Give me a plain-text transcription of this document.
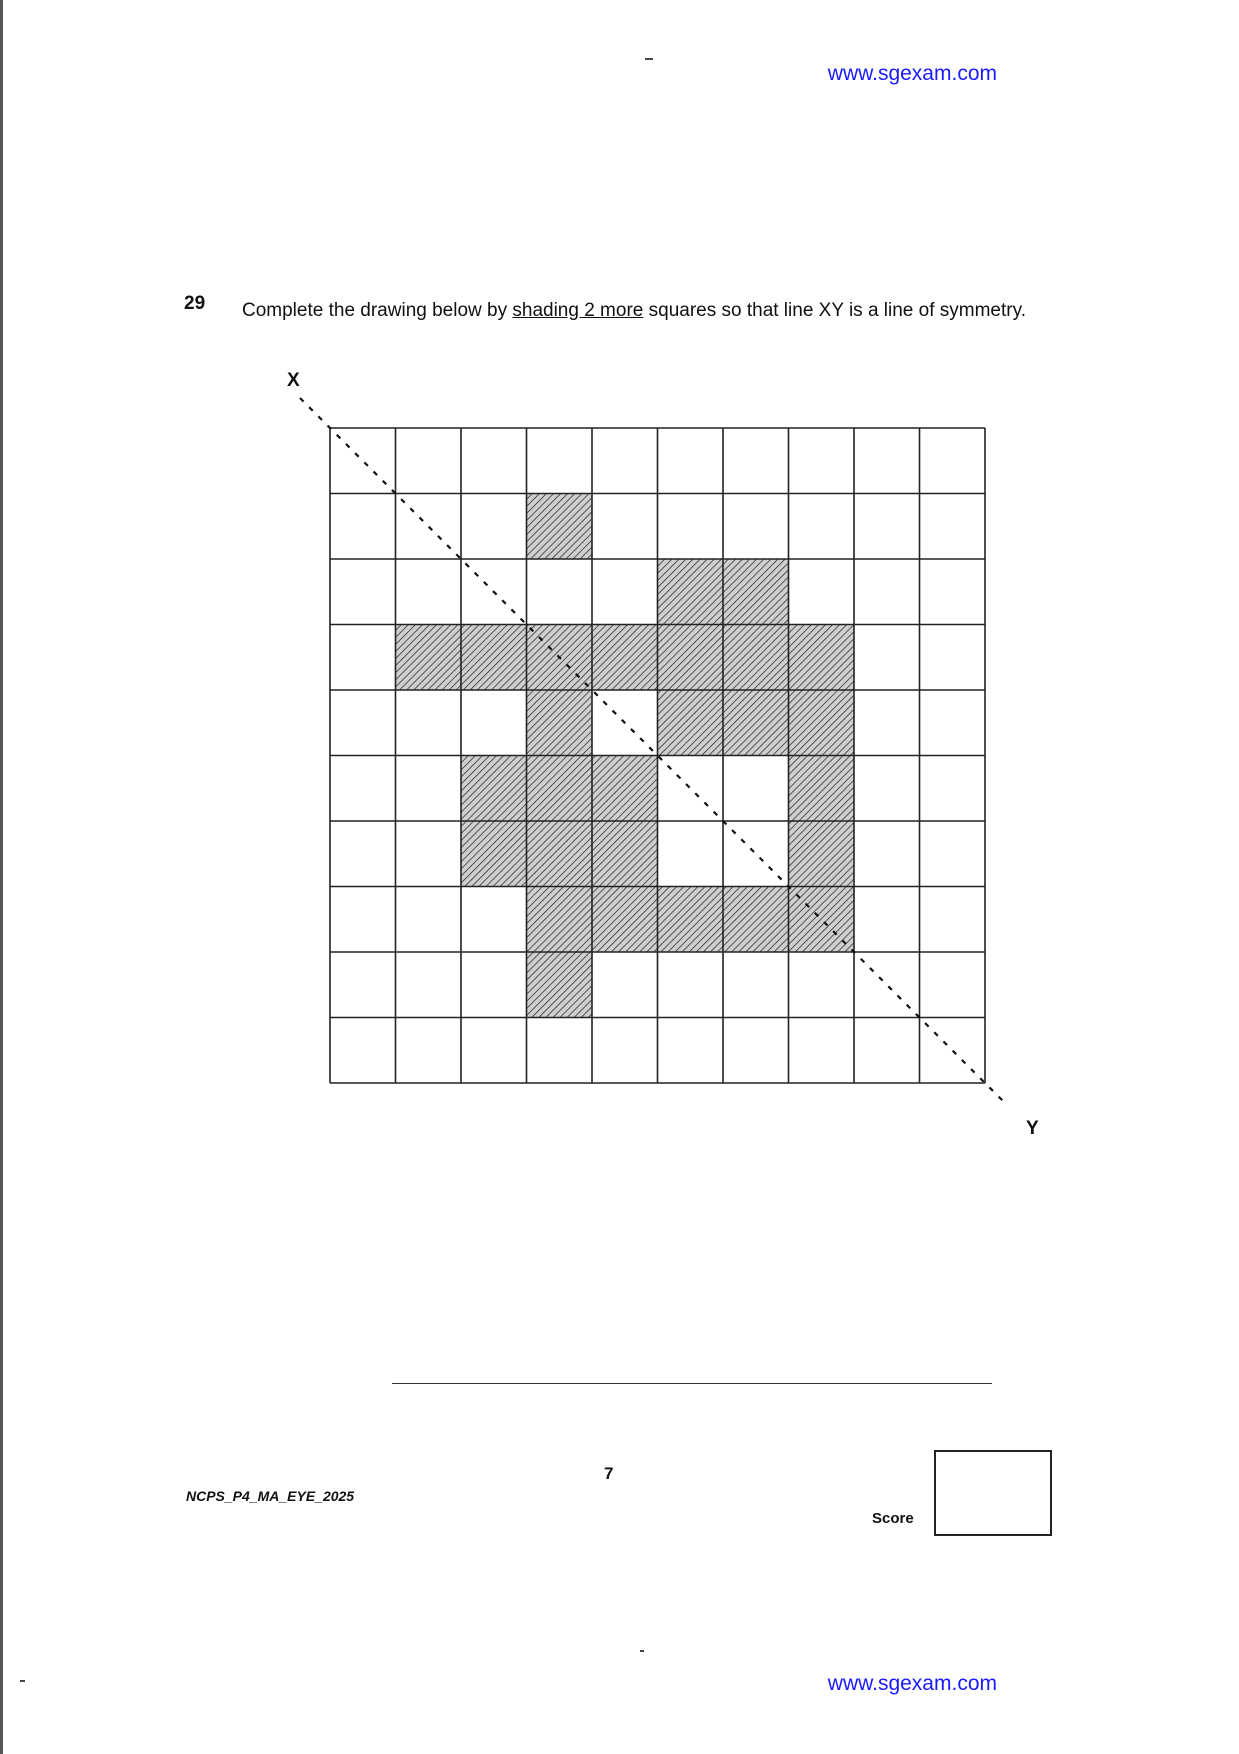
www.sgexam.com
29 Complete the drawing below by shading 2 more squares so that line XY is a line of symmetry.
X
Y
7
NCPS_P4_MA_EYE_2025
Score
www.sgexam.com
